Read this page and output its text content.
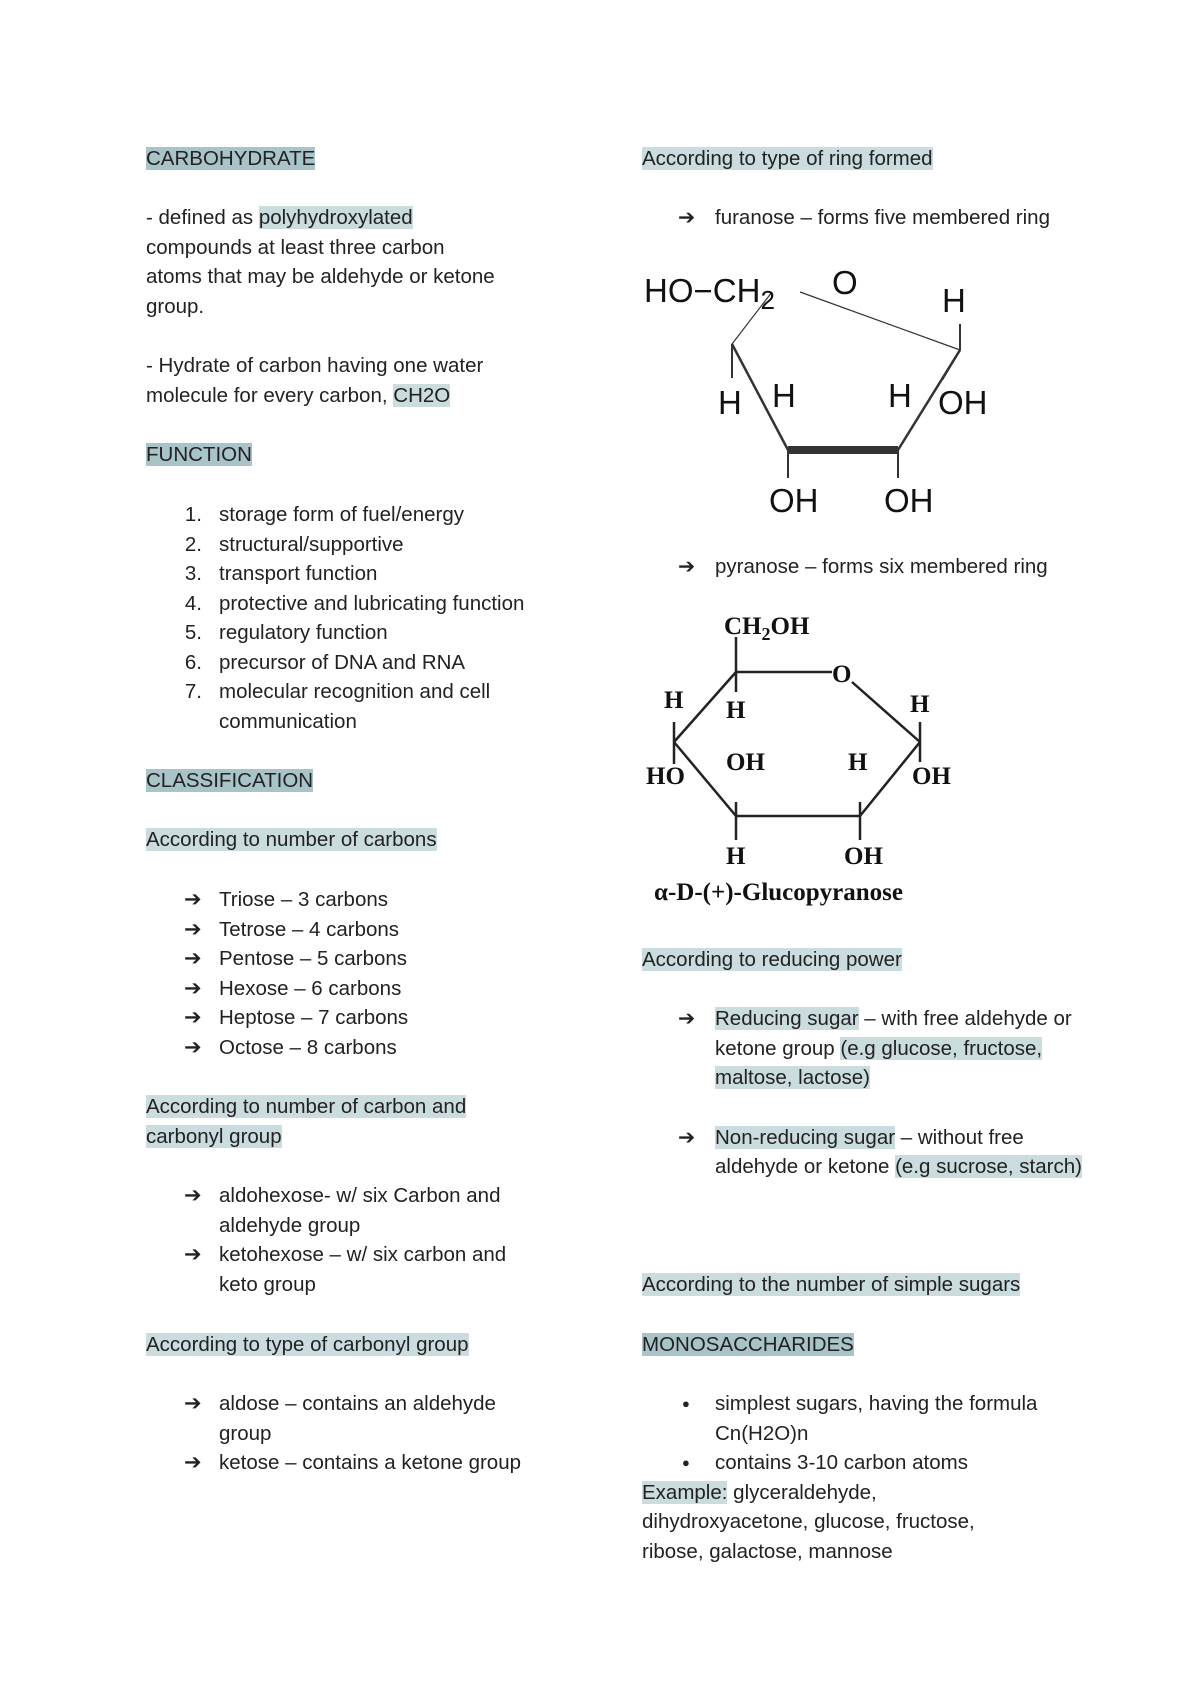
CARBOHYDRATE
- defined as polyhydroxylated compounds at least three carbon atoms that may be aldehyde or ketone group.
- Hydrate of carbon having one water molecule for every carbon, CH2O
FUNCTION
1. storage form of fuel/energy
2. structural/supportive
3. transport function
4. protective and lubricating function
5. regulatory function
6. precursor of DNA and RNA
7. molecular recognition and cell communication
CLASSIFICATION
According to number of carbons
➔ Triose – 3 carbons
➔ Tetrose – 4 carbons
➔ Pentose – 5 carbons
➔ Hexose – 6 carbons
➔ Heptose – 7 carbons
➔ Octose – 8 carbons
According to number of carbon and
carbonyl group
➔ aldohexose- w/ six Carbon and aldehyde group
➔ ketohexose – w/ six carbon and keto group
According to type of carbonyl group
➔ aldose – contains an aldehyde group
➔ ketose – contains a ketone group
According to type of ring formed
➔ furanose – forms five membered ring
$HO-CH_2$ O	H
H H	H OH
OH OH
➔ pyranose – forms six membered ring
$CH_2OH$
O
H H	H
HO
OH	H
OH
H	OH
α-D-(+)-Glucopyranose
According to reducing power
➔ Reducing sugar – with free aldehyde or ketone group (e.g glucose, fructose, maltose, lactose)
➔ Non-reducing sugar – without free aldehyde or ketone (e.g sucrose, starch)
According to the number of simple sugars
MONOSACCHARIDES
●	simplest sugars, having the formula Cn(H2O)n
●	contains 3-10 carbon atoms
Example: glyceraldehyde, dihydroxyacetone, glucose, fructose, ribose, galactose, mannose
